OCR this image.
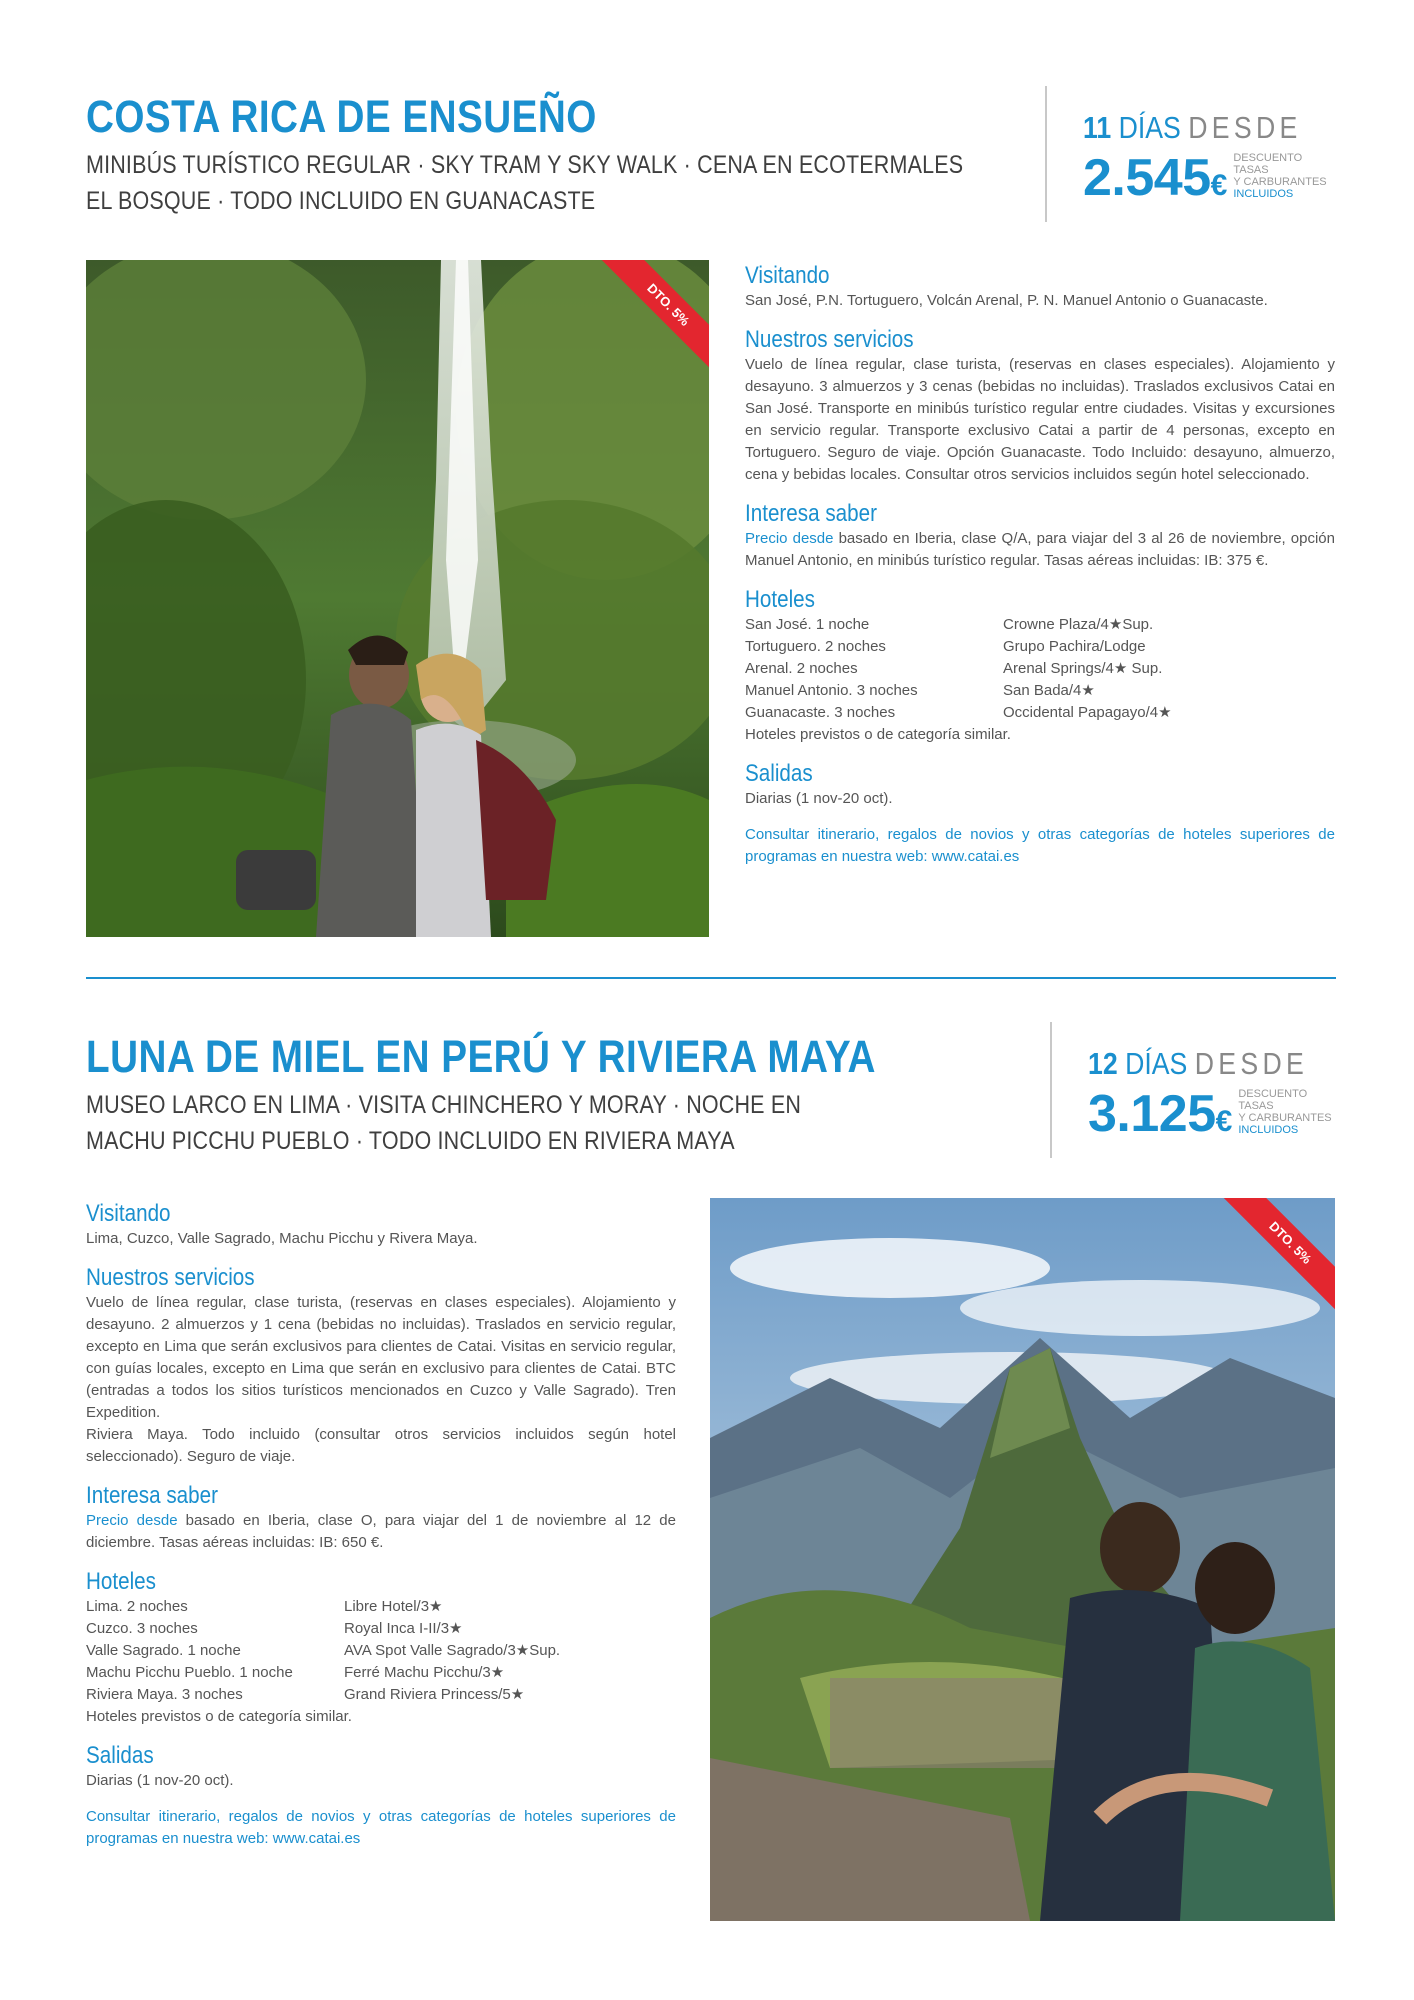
COSTA RICA DE ENSUEÑO
MINIBÚS TURÍSTICO REGULAR · SKY TRAM Y SKY WALK · CENA EN ECOTERMALES
EL BOSQUE · TODO INCLUIDO EN GUANACASTE
11 DÍAS DESDE
2.545 €
DESCUENTO TASAS
Y CARBURANTES
INCLUIDOS
DTO. 5%
Visitando

San José, P.N. Tortuguero, Volcán Arenal, P. N. Manuel Antonio o Guanacaste.

Nuestros servicios

Vuelo de línea regular, clase turista, (reservas en clases especiales). Alojamiento y desayuno. 3 almuerzos y 3 cenas (bebidas no incluidas). Traslados exclusivos Catai en San José. Transporte en minibús turístico regular entre ciudades. Visitas y excursiones en servicio regular. Transporte exclusivo Catai a partir de 4 personas, excepto en Tortuguero. Seguro de viaje. Opción Guanacaste. Todo Incluido: desayuno, almuerzo, cena y bebidas locales. Consultar otros servicios incluidos según hotel seleccionado.

Interesa saber

Precio desde basado en Iberia, clase Q/A, para viajar del 3 al 26 de noviembre, opción Manuel Antonio, en minibús turístico regular. Tasas aéreas incluidas: IB: 375 €.

Hoteles
San José. 1 noche	Crowne Plaza/4★Sup.
Tortuguero. 2 noches	Grupo Pachira/Lodge
Arenal. 2 noches	Arenal Springs/4★ Sup.
Manuel Antonio. 3 noches	San Bada/4★
Guanacaste. 3 noches	Occidental Papagayo/4★

Hoteles previstos o de categoría similar.

Salidas

Diarias (1 nov-20 oct).

Consultar itinerario, regalos de novios y otras categorías de hoteles superiores de programas en nuestra web: www.catai.es

LUNA DE MIEL EN PERÚ Y RIVIERA MAYA
MUSEO LARCO EN LIMA · VISITA CHINCHERO Y MORAY · NOCHE EN
MACHU PICCHU PUEBLO · TODO INCLUIDO EN RIVIERA MAYA
12 DÍAS DESDE
3.125 €
DESCUENTO TASAS
Y CARBURANTES
INCLUIDOS
Visitando

Lima, Cuzco, Valle Sagrado, Machu Picchu y Rivera Maya.

Nuestros servicios

Vuelo de línea regular, clase turista, (reservas en clases especiales). Alojamiento y desayuno. 2 almuerzos y 1 cena (bebidas no incluidas). Traslados en servicio regular, excepto en Lima que serán exclusivos para clientes de Catai. Visitas en servicio regular, con guías locales, excepto en Lima que serán en exclusivo para clientes de Catai. BTC (entradas a todos los sitios turísticos mencionados en Cuzco y Valle Sagrado). Tren Expedition.

Riviera Maya. Todo incluido (consultar otros servicios incluidos según hotel seleccionado). Seguro de viaje.

Interesa saber

Precio desde basado en Iberia, clase O, para viajar del 1 de noviembre al 12 de diciembre. Tasas aéreas incluidas: IB: 650 €.

Hoteles
Lima. 2 noches	Libre Hotel/3★
Cuzco. 3 noches	Royal Inca I-II/3★
Valle Sagrado. 1 noche	AVA Spot Valle Sagrado/3★Sup.
Machu Picchu Pueblo. 1 noche	Ferré Machu Picchu/3★
Riviera Maya. 3 noches	Grand Riviera Princess/5★

Hoteles previstos o de categoría similar.

Salidas

Diarias (1 nov-20 oct).

Consultar itinerario, regalos de novios y otras categorías de hoteles superiores de programas en nuestra web: www.catai.es

DTO. 5%
